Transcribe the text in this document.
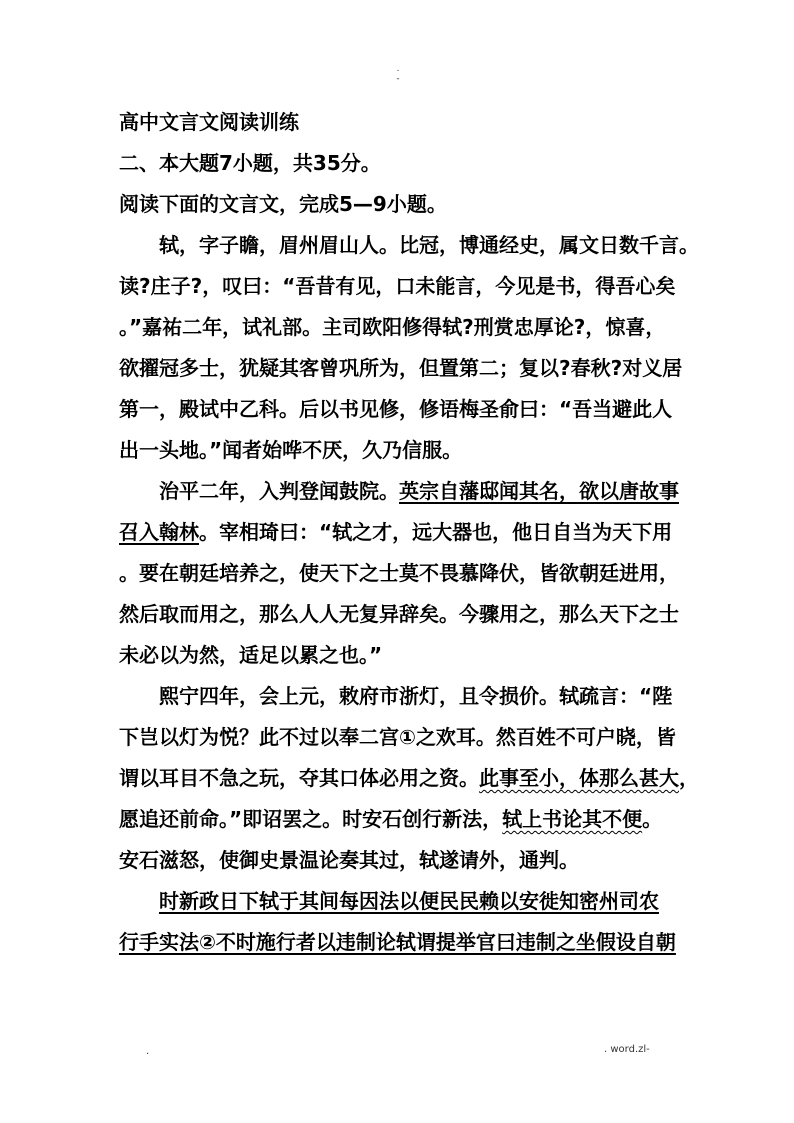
.
-
高中文言文阅读训练
二、本大题7小题，共35分。
阅读下面的文言文，完成5—9小题。
轼，字子瞻，眉州眉山人。比冠，博通经史，属文日数千言。
读?庄子?，叹曰：“吾昔有见，口未能言，今见是书，得吾心矣
。”嘉祐二年，试礼部。主司欧阳修得轼?刑赏忠厚论?，惊喜，
欲擢冠多士，犹疑其客曾巩所为，但置第二；复以?春秋?对义居
第一，殿试中乙科。后以书见修，修语梅圣俞曰：“吾当避此人
出一头地。”闻者始哗不厌，久乃信服。
治平二年，入判登闻鼓院。英宗自藩邸闻其名，欲以唐故事
召入翰林。宰相琦曰：“轼之才，远大器也，他日自当为天下用
。要在朝廷培养之，使天下之士莫不畏慕降伏，皆欲朝廷进用，
然后取而用之，那么人人无复异辞矣。今骤用之，那么天下之士
未必以为然，适足以累之也。”
熙宁四年，会上元，敕府市浙灯，且令损价。轼疏言：“陛
下岂以灯为悦？此不过以奉二宫①之欢耳。然百姓不可户晓，皆
谓以耳目不急之玩，夺其口体必用之资。此事至小，体那么甚大，
愿追还前命。”即诏罢之。时安石创行新法，轼上书论其不便。
安石滋怒，使御史景温论奏其过，轼遂请外，通判。
时新政日下轼于其间每因法以便民民赖以安徙知密州司农
行手实法②不时施行者以违制论轼谓提举官曰违制之坐假设自朝
.	. word.zl-
